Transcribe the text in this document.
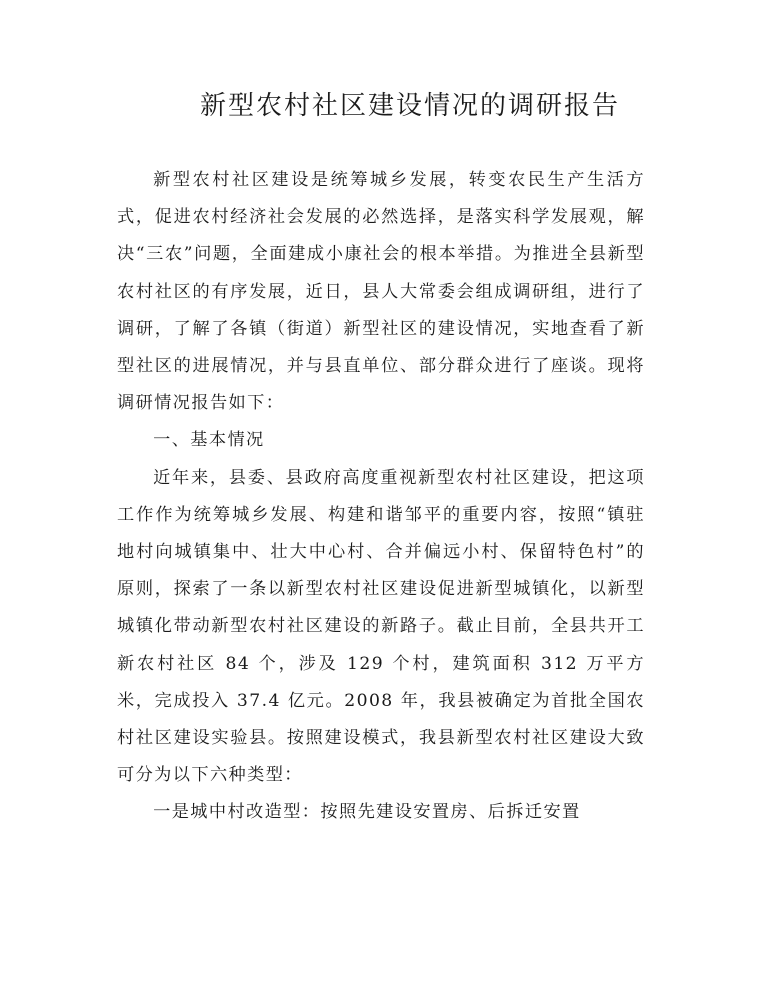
新型农村社区建设情况的调研报告

新型农村社区建设是统筹城乡发展，转变农民生产生活方式，促进农村经济社会发展的必然选择，是落实科学发展观，解决“三农”问题，全面建成小康社会的根本举措。为推进全县新型农村社区的有序发展，近日，县人大常委会组成调研组，进行了调研，了解了各镇（街道）新型社区的建设情况，实地查看了新型社区的进展情况，并与县直单位、部分群众进行了座谈。现将调研情况报告如下：

一、基本情况

近年来，县委、县政府高度重视新型农村社区建设，把这项工作作为统筹城乡发展、构建和谐邹平的重要内容，按照“镇驻地村向城镇集中、壮大中心村、合并偏远小村、保留特色村”的原则，探索了一条以新型农村社区建设促进新型城镇化，以新型城镇化带动新型农村社区建设的新路子。截止目前，全县共开工新农村社区 84 个，涉及 129 个村，建筑面积 312 万平方米，完成投入 37.4 亿元。2008 年，我县被确定为首批全国农村社区建设实验县。按照建设模式，我县新型农村社区建设大致可分为以下六种类型：

一是城中村改造型：按照先建设安置房、后拆迁安置
